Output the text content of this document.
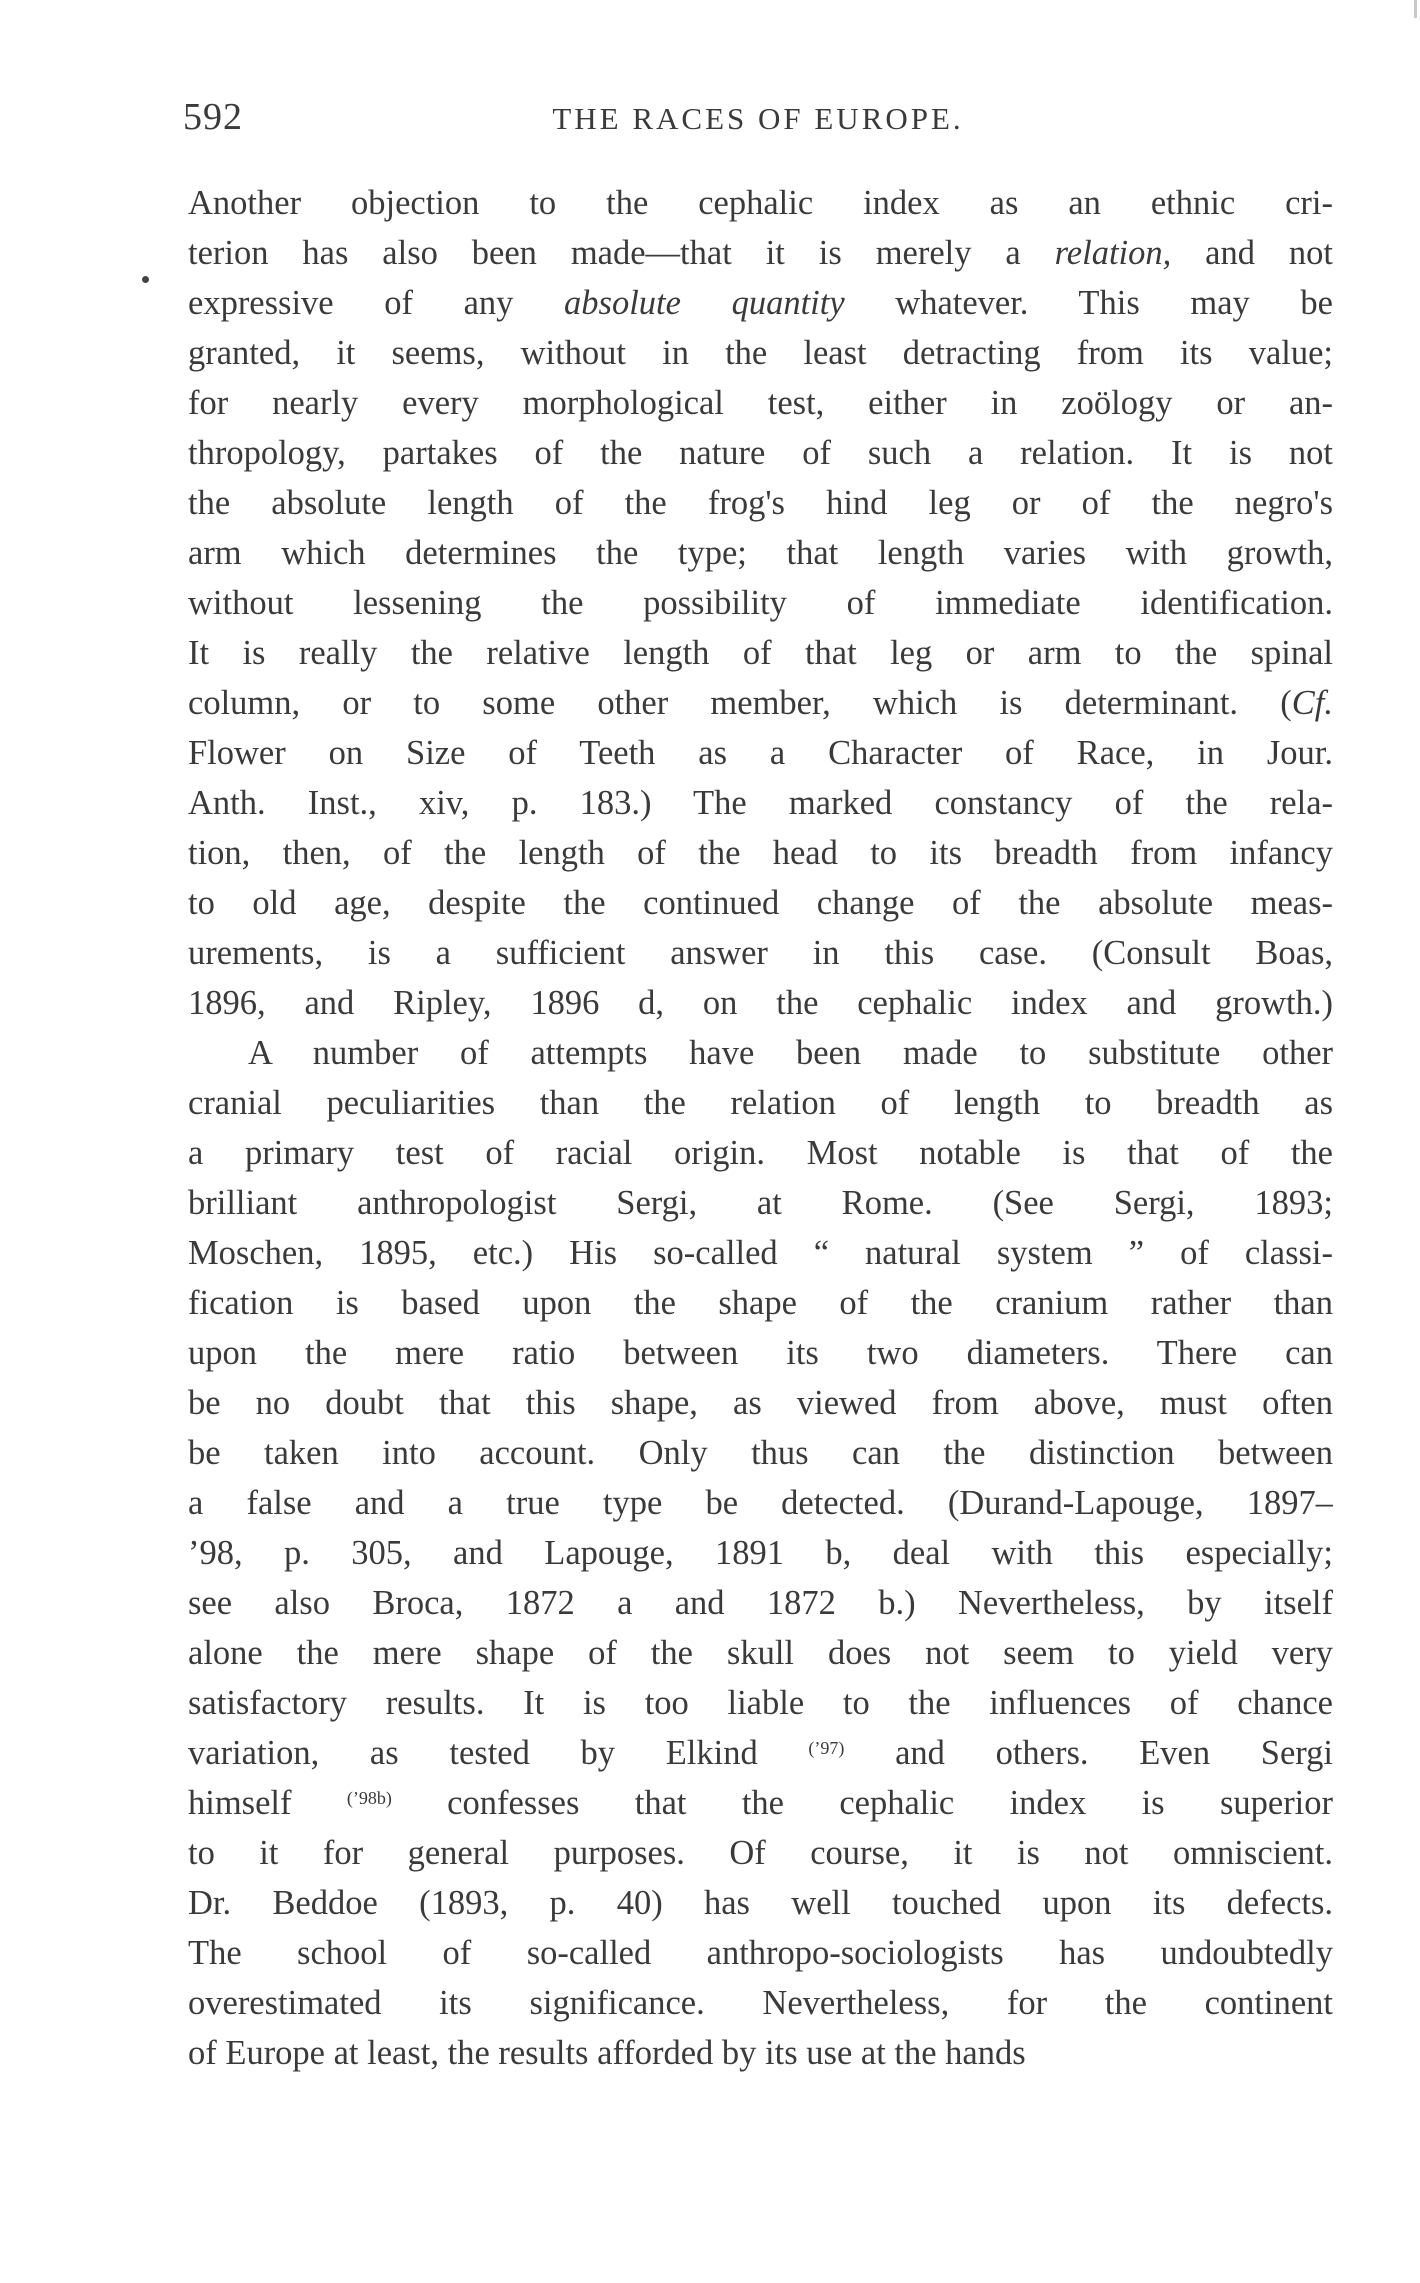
592	THE RACES OF EUROPE.
Another objection to the cephalic index as an ethnic cri-
terion has also been made—that it is merely a relation, and not
expressive of any absolute quantity whatever. This may be
granted, it seems, without in the least detracting from its value;
for nearly every morphological test, either in zoölogy or an-
thropology, partakes of the nature of such a relation. It is not
the absolute length of the frog's hind leg or of the negro's
arm which determines the type; that length varies with growth,
without lessening the possibility of immediate identification.
It is really the relative length of that leg or arm to the spinal
column, or to some other member, which is determinant. (Cf.
Flower on Size of Teeth as a Character of Race, in Jour.
Anth. Inst., xiv, p. 183.) The marked constancy of the rela-
tion, then, of the length of the head to its breadth from infancy
to old age, despite the continued change of the absolute meas-
urements, is a sufficient answer in this case. (Consult Boas,
1896, and Ripley, 1896 d, on the cephalic index and growth.)
A number of attempts have been made to substitute other
cranial peculiarities than the relation of length to breadth as
a primary test of racial origin. Most notable is that of the
brilliant anthropologist Sergi, at Rome. (See Sergi, 1893;
Moschen, 1895, etc.) His so-called “ natural system ” of classi-
fication is based upon the shape of the cranium rather than
upon the mere ratio between its two diameters. There can
be no doubt that this shape, as viewed from above, must often
be taken into account. Only thus can the distinction between
a false and a true type be detected. (Durand-Lapouge, 1897–
’98, p. 305, and Lapouge, 1891 b, deal with this especially;
see also Broca, 1872 a and 1872 b.) Nevertheless, by itself
alone the mere shape of the skull does not seem to yield very
satisfactory results. It is too liable to the influences of chance
variation, as tested by Elkind $^{(’97)}$ and others. Even Sergi
himself $^{(’98b)}$ confesses that the cephalic index is superior
to it for general purposes. Of course, it is not omniscient.
Dr. Beddoe (1893, p. 40) has well touched upon its defects.
The school of so-called anthropo-sociologists has undoubtedly
overestimated its significance. Nevertheless, for the continent
of Europe at least, the results afforded by its use at the hands
